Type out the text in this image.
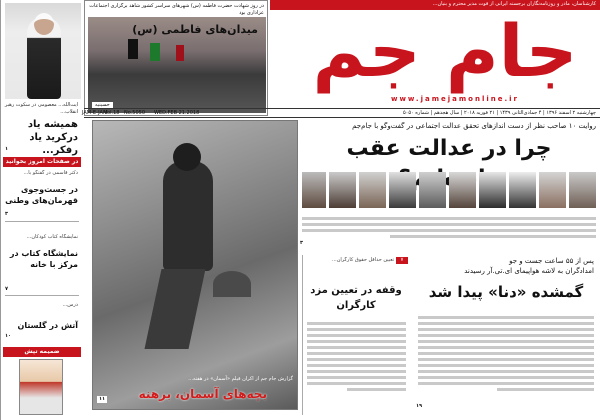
آیت‌الله... معصومی در سکوت رهبر انقلاب...
همیشه یاد درکرید یاد رفکر...
۱
در صفحات امروز بخوانید
دکتر قاسمی در گفتگو با...
در جست‌وجوی قهرمان‌های وطنی
۳
نمایشگاه کتاب کودکان...
نمایشگاه کتاب در مرکز با خانه
۷
درس...
آتش در گلستان
۱۰
ضمیمه تپش
در روز شهادت حضرت فاطمه (س) شهرهای سراسر کشور شاهد برگزاری اجتماعات عزاداری بود
میدان‌های فاطمی (س)
حسینیه
کارشناسان، مادر و روزنامه‌نگاران برجسته ایرانی از فوت مدیر محترم و بنیان...
جام جم
www.jamejamonline.ir
چهارشنبه ۲ اسفند ۱۳۹۶ | ۴ جمادی‌الثانی ۱۴۳۹ | ۲۱ فوریه ۲۰۱۸ | سال هجدهم | شماره ۵۰۵۰
WED.FEB 21.2018
No.5050
Vol.18
JAM-E-JAM
روایت ۱۰ صاحب نظر از دست اندازهای تحقق عدالت اجتماعی در گفت‌وگو با جام‌جم
چرا در عدالت عقب
۳
گزارش جام جم از اکران فیلم «آسمان» در هفته...
بچه‌های آسمان، برهنه
۱۱
۷
تعیین حداقل حقوق کارگران...
وقفه در تعیین مزد کارگران
پس از ۵۵ ساعت جست و جو
امدادگران به لاشه هواپیمای ای.تی.آر رسیدند
گمشده «دنا» پیدا شد
۱۹
